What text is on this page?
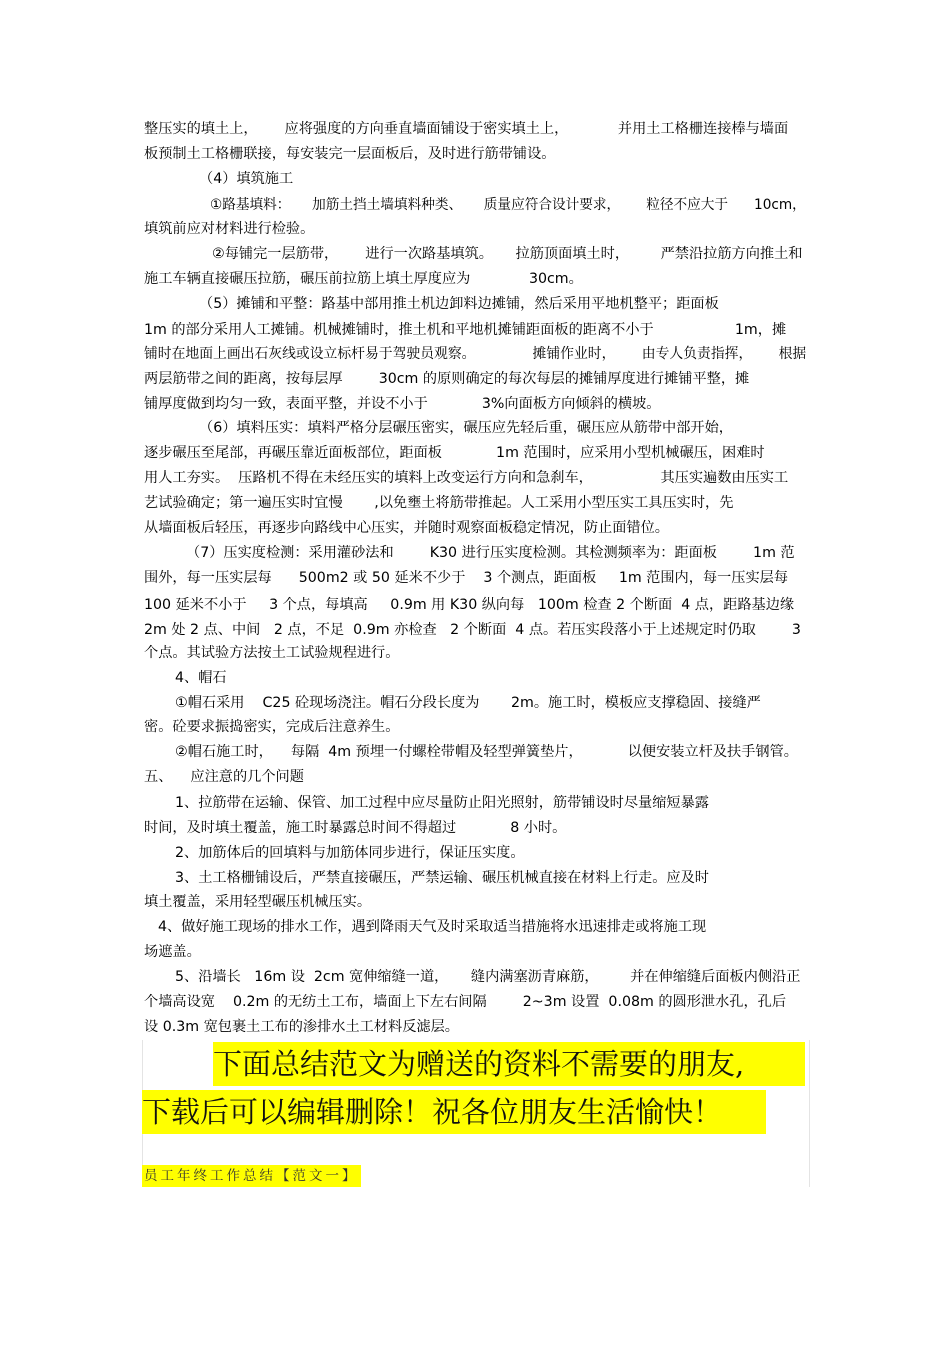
整压实的填土上，      应将强度的方向垂直墙面铺设于密实填土上，           并用土工格栅连接棒与墙面
板预制土工格栅联接，每安装完一层面板后，及时进行筋带铺设。
（4）填筑施工
①路基填料：     加筋土挡土墙填料种类、     质量应符合设计要求，      粒径不应大于      10cm，
填筑前应对材料进行检验。
②每铺完一层筋带，      进行一次路基填筑。     拉筋顶面填土时，       严禁沿拉筋方向推土和
施工车辆直接碾压拉筋，碾压前拉筋上填土厚度应为             30cm。
（5）摊铺和平整：路基中部用推土机边卸料边摊铺，然后采用平地机整平；距面板
1m 的部分采用人工摊铺。机械摊铺时，推土机和平地机摊铺距面板的距离不小于                  1m，摊
铺时在地面上画出石灰线或设立标杆易于驾驶员观察。             摊铺作业时，      由专人负责指挥，      根据
两层筋带之间的距离，按每层厚        30cm 的原则确定的每次每层的摊铺厚度进行摊铺平整，摊
铺厚度做到均匀一致，表面平整，并设不小于            3%向面板方向倾斜的横坡。
（6）填料压实：填料严格分层碾压密实，碾压应先轻后重，碾压应从筋带中部开始，
逐步碾压至尾部，再碾压靠近面板部位，距面板            1m 范围时，应采用小型机械碾压，困难时
用人工夯实。  压路机不得在未经压实的填料上改变运行方向和急刹车，               其压实遍数由压实工
艺试验确定；第一遍压实时宜慢       ,以免壅土将筋带推起。人工采用小型压实工具压实时，先
从墙面板后轻压，再逐步向路线中心压实，并随时观察面板稳定情况，防止面错位。
（7）压实度检测：采用灌砂法和        K30 进行压实度检测。其检测频率为：距面板        1m 范
围外，每一压实层每      500m2 或 50 延米不少于    3 个测点，距面板     1m 范围内，每一压实层每
100 延米不小于     3 个点，每填高     0.9m 用 K30 纵向每   100m 检查 2 个断面  4 点，距路基边缘
2m 处 2 点、中间   2 点，不足  0.9m 亦检查   2 个断面  4 点。若压实段落小于上述规定时仍取        3
个点。其试验方法按土工试验规程进行。
4、帽石
①帽石采用    C25 砼现场浇注。帽石分段长度为       2m。施工时，模板应支撑稳固、接缝严
密。砼要求振捣密实，完成后注意养生。
②帽石施工时，    每隔  4m 预埋一付螺栓带帽及轻型弹簧垫片，          以便安装立杆及扶手钢管。
五、    应注意的几个问题
1、拉筋带在运输、保管、加工过程中应尽量防止阳光照射，筋带铺设时尽量缩短暴露
时间，及时填土覆盖，施工时暴露总时间不得超过            8 小时。
2、加筋体后的回填料与加筋体同步进行，保证压实度。
3、土工格栅铺设后，严禁直接碾压，严禁运输、碾压机械直接在材料上行走。应及时
填土覆盖，采用轻型碾压机械压实。
4、做好施工现场的排水工作，遇到降雨天气及时采取适当措施将水迅速排走或将施工现
场遮盖。
5、沿墙长   16m 设  2cm 宽伸缩缝一道，     缝内满塞沥青麻筋，       并在伸缩缝后面板内侧沿正
个墙高设宽    0.2m 的无纺土工布，墙面上下左右间隔        2~3m 设置  0.08m 的圆形泄水孔，孔后
设 0.3m 宽包裹土工布的渗排水土工材料反滤层。
下面总结范文为赠送的资料不需要的朋友,
下载后可以编辑删除！祝各位朋友生活愉快！
员工年终工作总结【范文一】
